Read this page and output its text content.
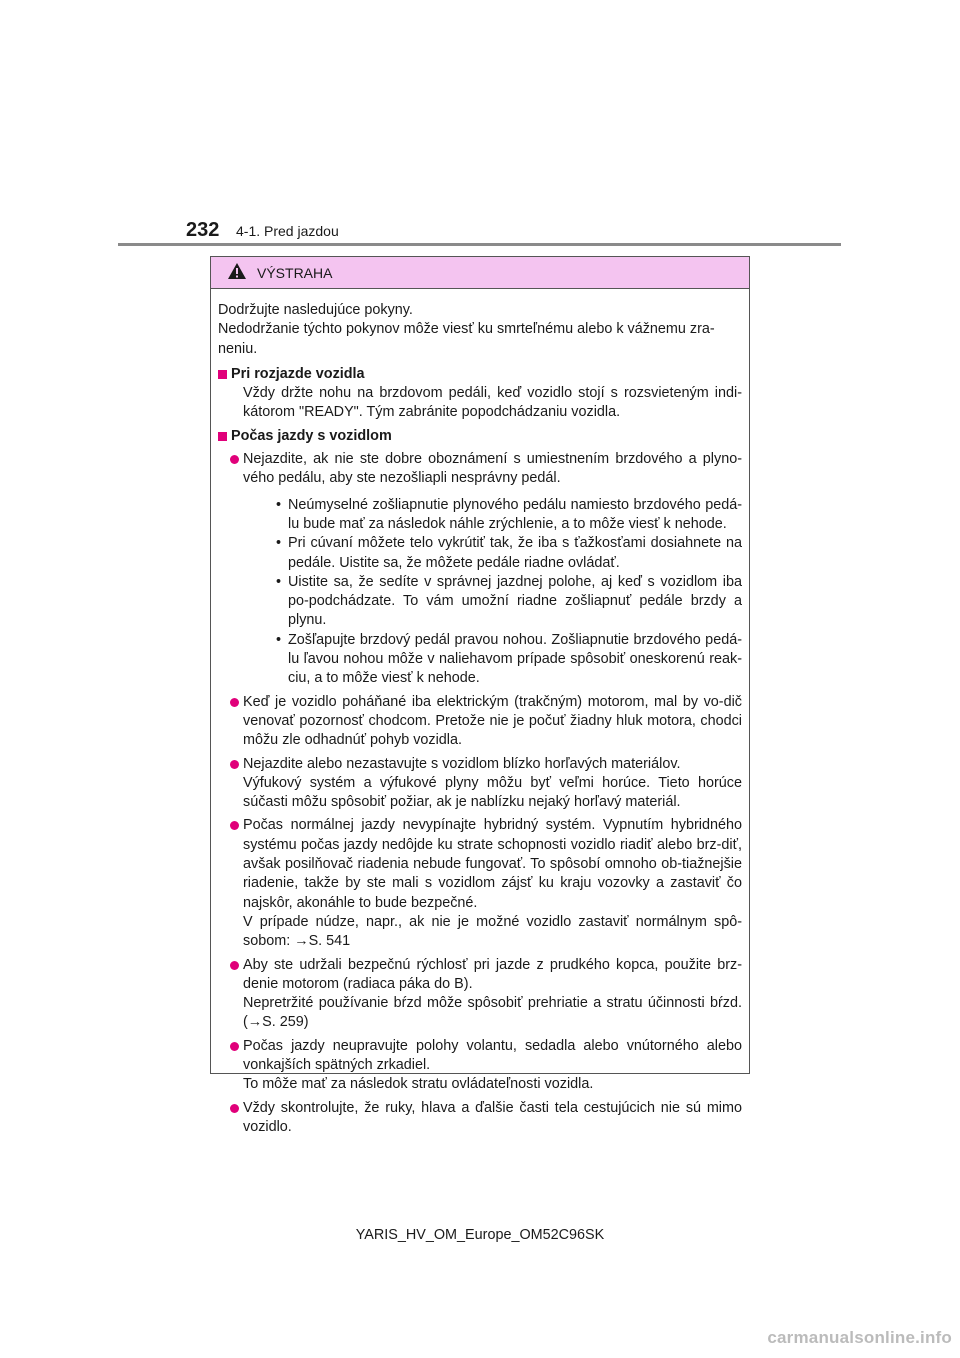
232 4-1. Pred jazdou
VÝSTRAHA

Dodržujte nasledujúce pokyny.

Nedodržanie týchto pokynov môže viesť ku smrteľnému alebo k vážnemu zra-neniu.

Pri rozjazde vozidla

Vždy držte nohu na brzdovom pedáli, keď vozidlo stojí s rozsvieteným indi-kátorom "READY". Tým zabránite popodchádzaniu vozidla.

Počas jazdy s vozidlom

Nejazdite, ak nie ste dobre oboznámení s umiestnením brzdového a plyno-vého pedálu, aby ste nezošliapli nesprávny pedál.

• Neúmyselné zošliapnutie plynového pedálu namiesto brzdového pedá-lu bude mať za následok náhle zrýchlenie, a to môže viesť k nehode.
• Pri cúvaní môžete telo vykrútiť tak, že iba s ťažkosťami dosiahnete na pedále. Uistite sa, že môžete pedále riadne ovládať.
• Uistite sa, že sedíte v správnej jazdnej polohe, aj keď s vozidlom iba po-podchádzate. To vám umožní riadne zošliapnuť pedále brzdy a plynu.
• Zošľapujte brzdový pedál pravou nohou. Zošliapnutie brzdového pedá-lu ľavou nohou môže v naliehavom prípade spôsobiť oneskorenú reak-ciu, a to môže viesť k nehode.

Keď je vozidlo poháňané iba elektrickým (trakčným) motorom, mal by vo-dič venovať pozornosť chodcom. Pretože nie je počuť žiadny hluk motora, chodci môžu zle odhadnúť pohyb vozidla.

Nejazdite alebo nezastavujte s vozidlom blízko horľavých materiálov.

Výfukový systém a výfukové plyny môžu byť veľmi horúce. Tieto horúce súčasti môžu spôsobiť požiar, ak je nablízku nejaký horľavý materiál.

Počas normálnej jazdy nevypínajte hybridný systém. Vypnutím hybridného systému počas jazdy nedôjde ku strate schopnosti vozidlo riadiť alebo brz-diť, avšak posilňovač riadenia nebude fungovať. To spôsobí omnoho ob-tiažnejšie riadenie, takže by ste mali s vozidlom zájsť ku kraju vozovky a zastaviť čo najskôr, akonáhle to bude bezpečné.

V prípade núdze, napr., ak nie je možné vozidlo zastaviť normálnym spô-sobom: →S. 541

Aby ste udržali bezpečnú rýchlosť pri jazde z prudkého kopca, použite brz-denie motorom (radiaca páka do B).

Nepretržité používanie bŕzd môže spôsobiť prehriatie a stratu účinnosti bŕzd. (→S. 259)

Počas jazdy neupravujte polohy volantu, sedadla alebo vnútorného alebo vonkajších spätných zrkadiel.

To môže mať za následok stratu ovládateľnosti vozidla.

Vždy skontrolujte, že ruky, hlava a ďalšie časti tela cestujúcich nie sú mimo vozidlo.

YARIS_HV_OM_Europe_OM52C96SK
carmanualsonline.info
